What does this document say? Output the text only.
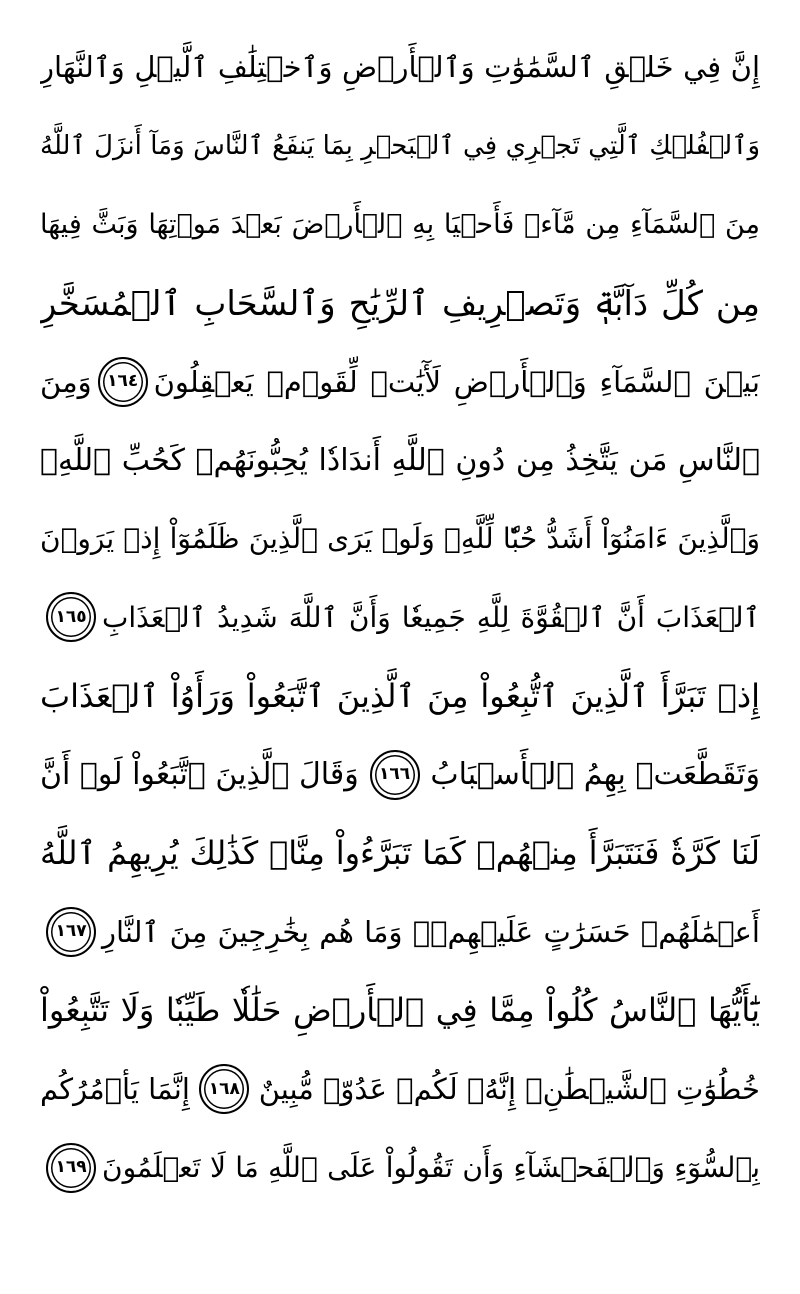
إِنَّ فِي خَلۡقِ ٱلسَّمَٰوَٰتِ وَٱلۡأَرۡضِ وَٱخۡتِلَٰفِ ٱلَّيۡلِ وَٱلنَّهَارِ
وَٱلۡفُلۡكِ ٱلَّتِي تَجۡرِي فِي ٱلۡبَحۡرِ بِمَا يَنفَعُ ٱلنَّاسَ وَمَآ أَنزَلَ ٱللَّهُ
مِنَ ٱلسَّمَآءِ مِن مَّآءٖ فَأَحۡيَا بِهِ ٱلۡأَرۡضَ بَعۡدَ مَوۡتِهَا وَبَثَّ فِيهَا
مِن كُلِّ دَآبَّةٖ وَتَصۡرِيفِ ٱلرِّيَٰحِ وَٱلسَّحَابِ ٱلۡمُسَخَّرِ
بَيۡنَ ٱلسَّمَآءِ وَٱلۡأَرۡضِ لَأٓيَٰتٖ لِّقَوۡمٖ يَعۡقِلُونَ
١٦٤
وَمِنَ
ٱلنَّاسِ مَن يَتَّخِذُ مِن دُونِ ٱللَّهِ أَندَادٗا يُحِبُّونَهُمۡ كَحُبِّ ٱللَّهِۖ
وَٱلَّذِينَ ءَامَنُوٓاْ أَشَدُّ حُبّٗا لِّلَّهِۗ وَلَوۡ يَرَى ٱلَّذِينَ ظَلَمُوٓاْ إِذۡ يَرَوۡنَ
ٱلۡعَذَابَ أَنَّ ٱلۡقُوَّةَ لِلَّهِ جَمِيعٗا وَأَنَّ ٱللَّهَ شَدِيدُ ٱلۡعَذَابِ
١٦٥
إِذۡ تَبَرَّأَ ٱلَّذِينَ ٱتُّبِعُواْ مِنَ ٱلَّذِينَ ٱتَّبَعُواْ وَرَأَوُاْ ٱلۡعَذَابَ
وَتَقَطَّعَتۡ بِهِمُ ٱلۡأَسۡبَابُ
١٦٦
وَقَالَ ٱلَّذِينَ ٱتَّبَعُواْ لَوۡ أَنَّ
لَنَا كَرَّةٗ فَنَتَبَرَّأَ مِنۡهُمۡ كَمَا تَبَرَّءُواْ مِنَّاۗ كَذَٰلِكَ يُرِيهِمُ ٱللَّهُ
أَعۡمَٰلَهُمۡ حَسَرَٰتٍ عَلَيۡهِمۡۖ وَمَا هُم بِخَٰرِجِينَ مِنَ ٱلنَّارِ
١٦٧
يَٰٓأَيُّهَا ٱلنَّاسُ كُلُواْ مِمَّا فِي ٱلۡأَرۡضِ حَلَٰلٗا طَيِّبٗا وَلَا تَتَّبِعُواْ
خُطُوَٰتِ ٱلشَّيۡطَٰنِۚ إِنَّهُۥ لَكُمۡ عَدُوّٞ مُّبِينٌ
١٦٨
إِنَّمَا يَأۡمُرُكُم
بِٱلسُّوٓءِ وَٱلۡفَحۡشَآءِ وَأَن تَقُولُواْ عَلَى ٱللَّهِ مَا لَا تَعۡلَمُونَ
١٦٩
